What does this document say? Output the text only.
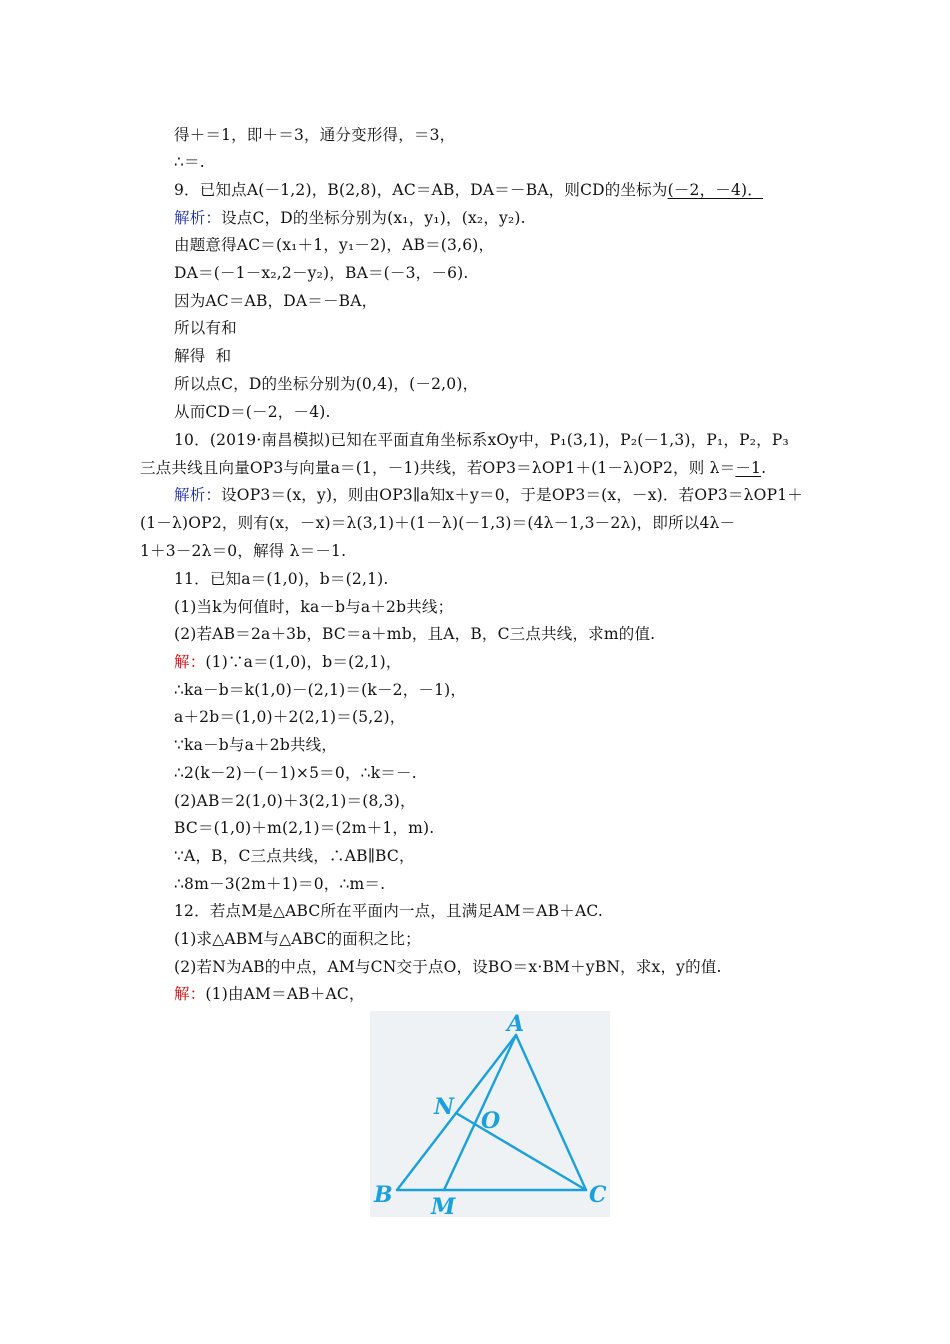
得＋＝1，即＋＝3，通分变形得，＝3，
∴＝.
9．已知点A(－1,2)，B(2,8)，AC＝AB，DA＝－BA，则CD的坐标为(－2，－4)．
解析：设点C，D的坐标分别为(x₁，y₁)，(x₂，y₂).
由题意得AC＝(x₁＋1，y₁－2)，AB＝(3,6)，
DA＝(－1－x₂,2－y₂)，BA＝(－3，－6).
因为AC＝AB，DA＝－BA，
所以有和
解得  和
所以点C，D的坐标分别为(0,4)，(－2,0)，
从而CD＝(－2，－4).
10．(2019·南昌模拟)已知在平面直角坐标系xOy中，P₁(3,1)，P₂(－1,3)，P₁，P₂，P₃
三点共线且向量OP3与向量a＝(1，－1)共线，若OP3＝λOP1＋(1－λ)OP2，则 λ＝－1.
解析：设OP3＝(x，y)，则由OP3∥a知x＋y＝0，于是OP3＝(x，－x)．若OP3＝λOP1＋
(1－λ)OP2，则有(x，－x)＝λ(3,1)＋(1－λ)(－1,3)＝(4λ－1,3－2λ)，即所以4λ－
1＋3－2λ＝0，解得 λ＝－1.
11．已知a＝(1,0)，b＝(2,1).
(1)当k为何值时，ka－b与a＋2b共线；
(2)若AB＝2a＋3b，BC＝a＋mb，且A，B，C三点共线，求m的值.
解：(1)∵a＝(1,0)，b＝(2,1)，
∴ka－b＝k(1,0)－(2,1)＝(k－2，－1)，
a＋2b＝(1,0)＋2(2,1)＝(5,2)，
∵ka－b与a＋2b共线，
∴2(k－2)－(－1)×5＝0，∴k＝－.
(2)AB＝2(1,0)＋3(2,1)＝(8,3)，
BC＝(1,0)＋m(2,1)＝(2m＋1，m).
∵A，B，C三点共线，∴AB∥BC，
∴8m－3(2m＋1)＝0，∴m＝.
12．若点M是△ABC所在平面内一点，且满足AM＝AB＋AC.
(1)求△ABM与△ABC的面积之比；
(2)若N为AB的中点，AM与CN交于点O，设BO＝x·BM＋yBN，求x，y的值.
解：(1)由AM＝AB＋AC，
A
B	C
M
N
O
